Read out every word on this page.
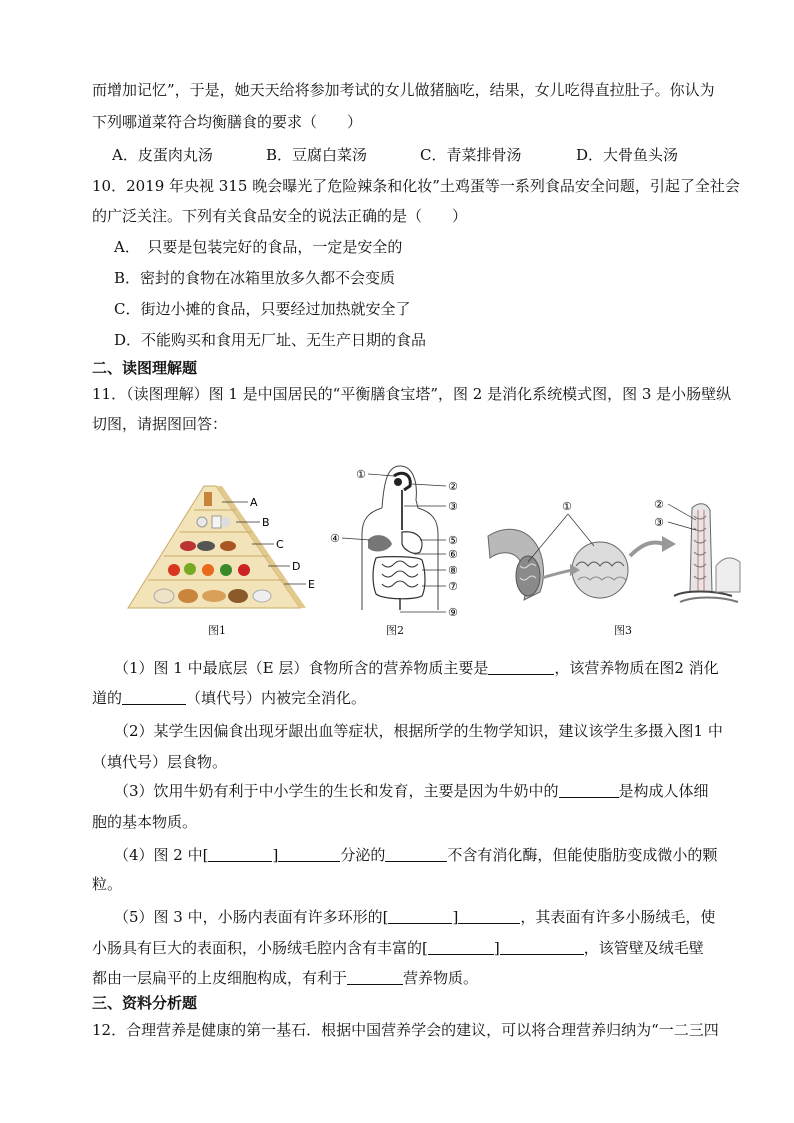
而增加记忆”，于是，她天天给将参加考试的女儿做猪脑吃，结果，女儿吃得直拉肚子。你认为
下列哪道菜符合均衡膳食的要求（　　）
A．皮蛋肉丸汤	B．豆腐白菜汤	C．青菜排骨汤	D．大骨鱼头汤
10．2019 年央视 315 晚会曝光了危险辣条和化妆”土鸡蛋等一系列食品安全问题，引起了全社会
的广泛关注。下列有关食品安全的说法正确的是（　　）
A．　只要是包装完好的食品，一定是安全的
B．密封的食物在冰箱里放多久都不会变质
C．街边小摊的食品，只要经过加热就安全了
D．不能购买和食用无厂址、无生产日期的食品
二、读图理解题
11．（读图理解）图 1 是中国居民的“平衡膳食宝塔”，图 2 是消化系统模式图，图 3 是小肠壁纵
切图，请据图回答：
A
B
C
D
E
图1
①
②
③
④	⑤
⑥
⑧
⑦
⑨
图2
①	②
③
图3
（1）图 1 中最底层（E 层）食物所含的营养物质主要是	，该营养物质在图2 消化
道的	（填代号）内被完全消化。
（2）某学生因偏食出现牙龈出血等症状，根据所学的生物学知识，建议该学生多摄入图1 中
（填代号）层食物。
（3）饮用牛奶有利于中小学生的生长和发育，主要是因为牛奶中的	是构成人体细
胞的基本物质。
（4）图 2 中[	]	分泌的	不含有消化酶，但能使脂肪变成微小的颗
粒。
（5）图 3 中，小肠内表面有许多环形的[	]	，其表面有许多小肠绒毛，使
小肠具有巨大的表面积，小肠绒毛腔内含有丰富的[	]	，该管壁及绒毛壁
都由一层扁平的上皮细胞构成，有利于	营养物质。
三、资料分析题
12．合理营养是健康的第一基石．根据中国营养学会的建议，可以将合理营养归纳为“一二三四
